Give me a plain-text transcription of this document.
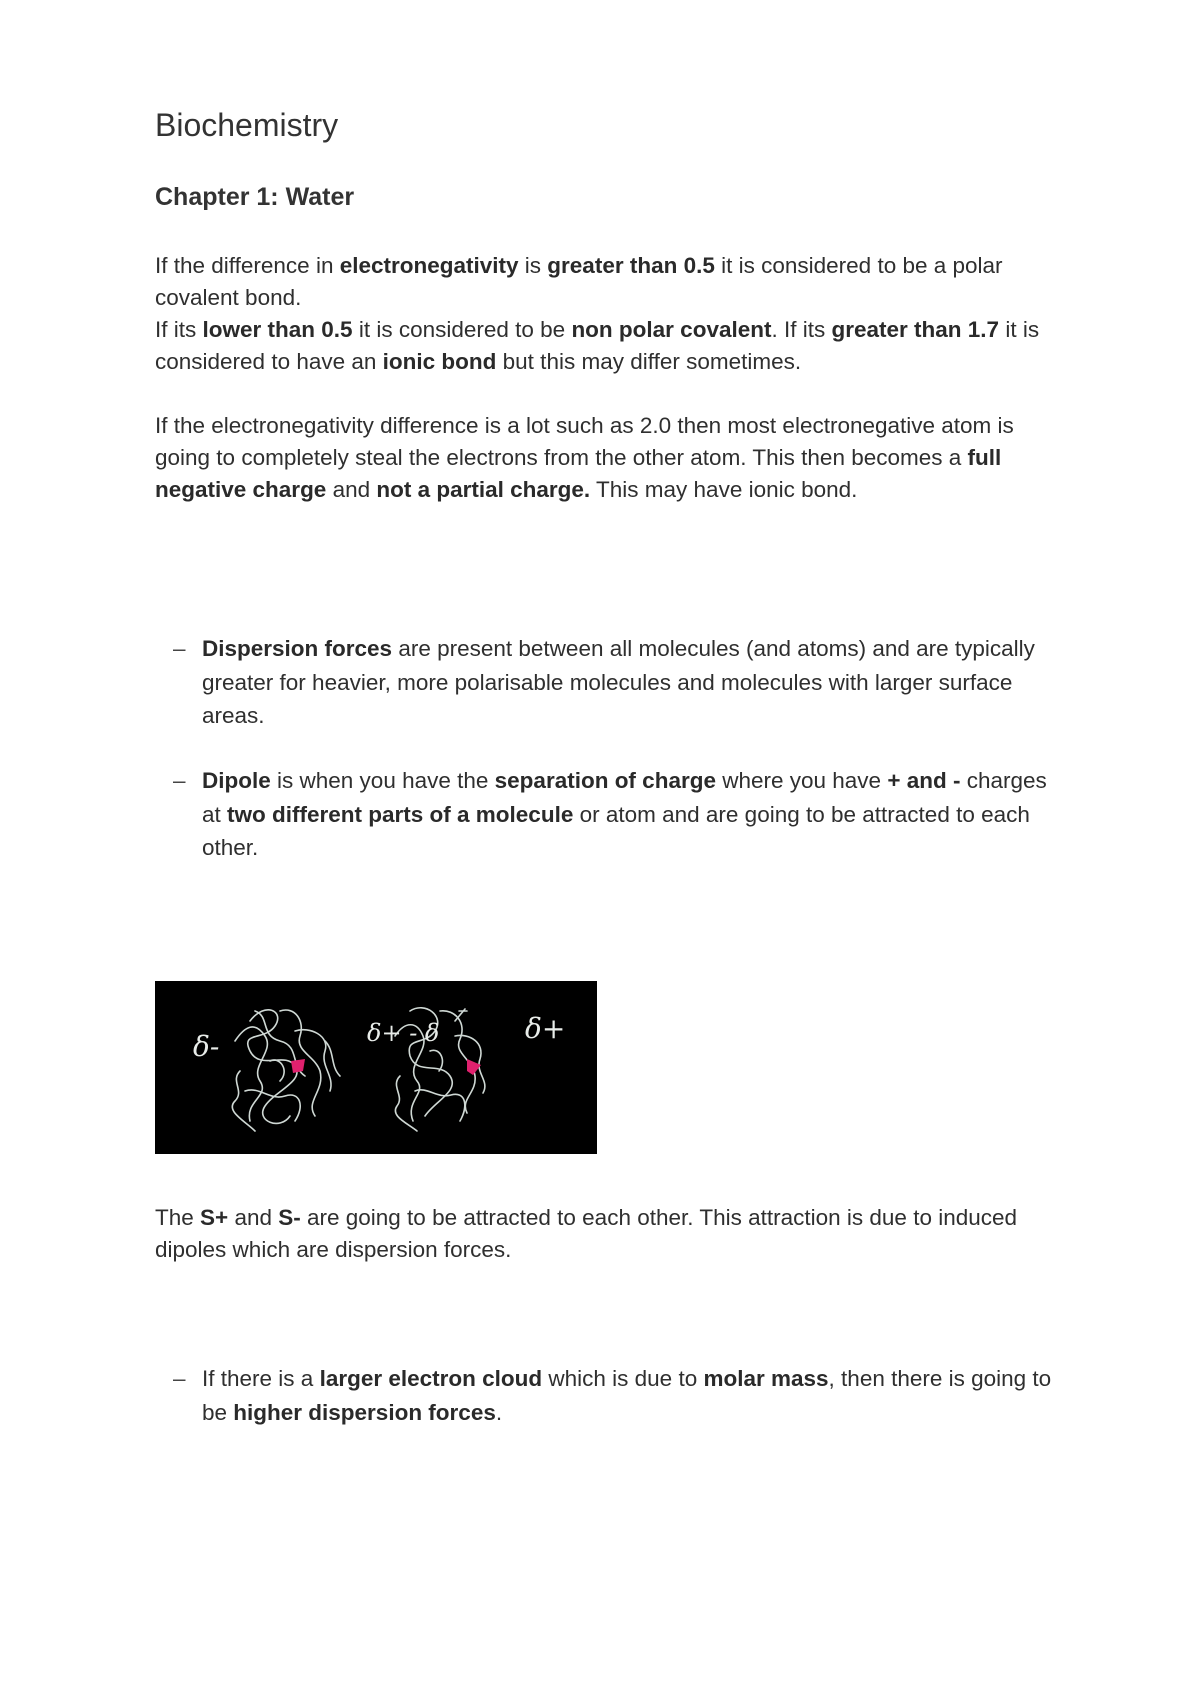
Biochemistry
Chapter 1: Water

If the difference in electronegativity is greater than 0.5 it is considered to be a polar covalent bond.
If its lower than 0.5 it is considered to be non polar covalent. If its greater than 1.7 it is considered to have an ionic bond but this may differ sometimes.

If the electronegativity difference is a lot such as 2.0 then most electronegative atom is going to completely steal the electrons from the other atom. This then becomes a full negative charge and not a partial charge. This may have ionic bond.

– Dispersion forces are present between all molecules (and atoms) and are typically greater for heavier, more polarisable molecules and molecules with larger surface areas.

– Dipole is when you have the separation of charge where you have + and - charges at two different parts of a molecule or atom and are going to be attracted to each other.

δ-	δ+ - δ	δ+

The S+ and S- are going to be attracted to each other. This attraction is due to induced dipoles which are dispersion forces.

– If there is a larger electron cloud which is due to molar mass, then there is going to be higher dispersion forces.
